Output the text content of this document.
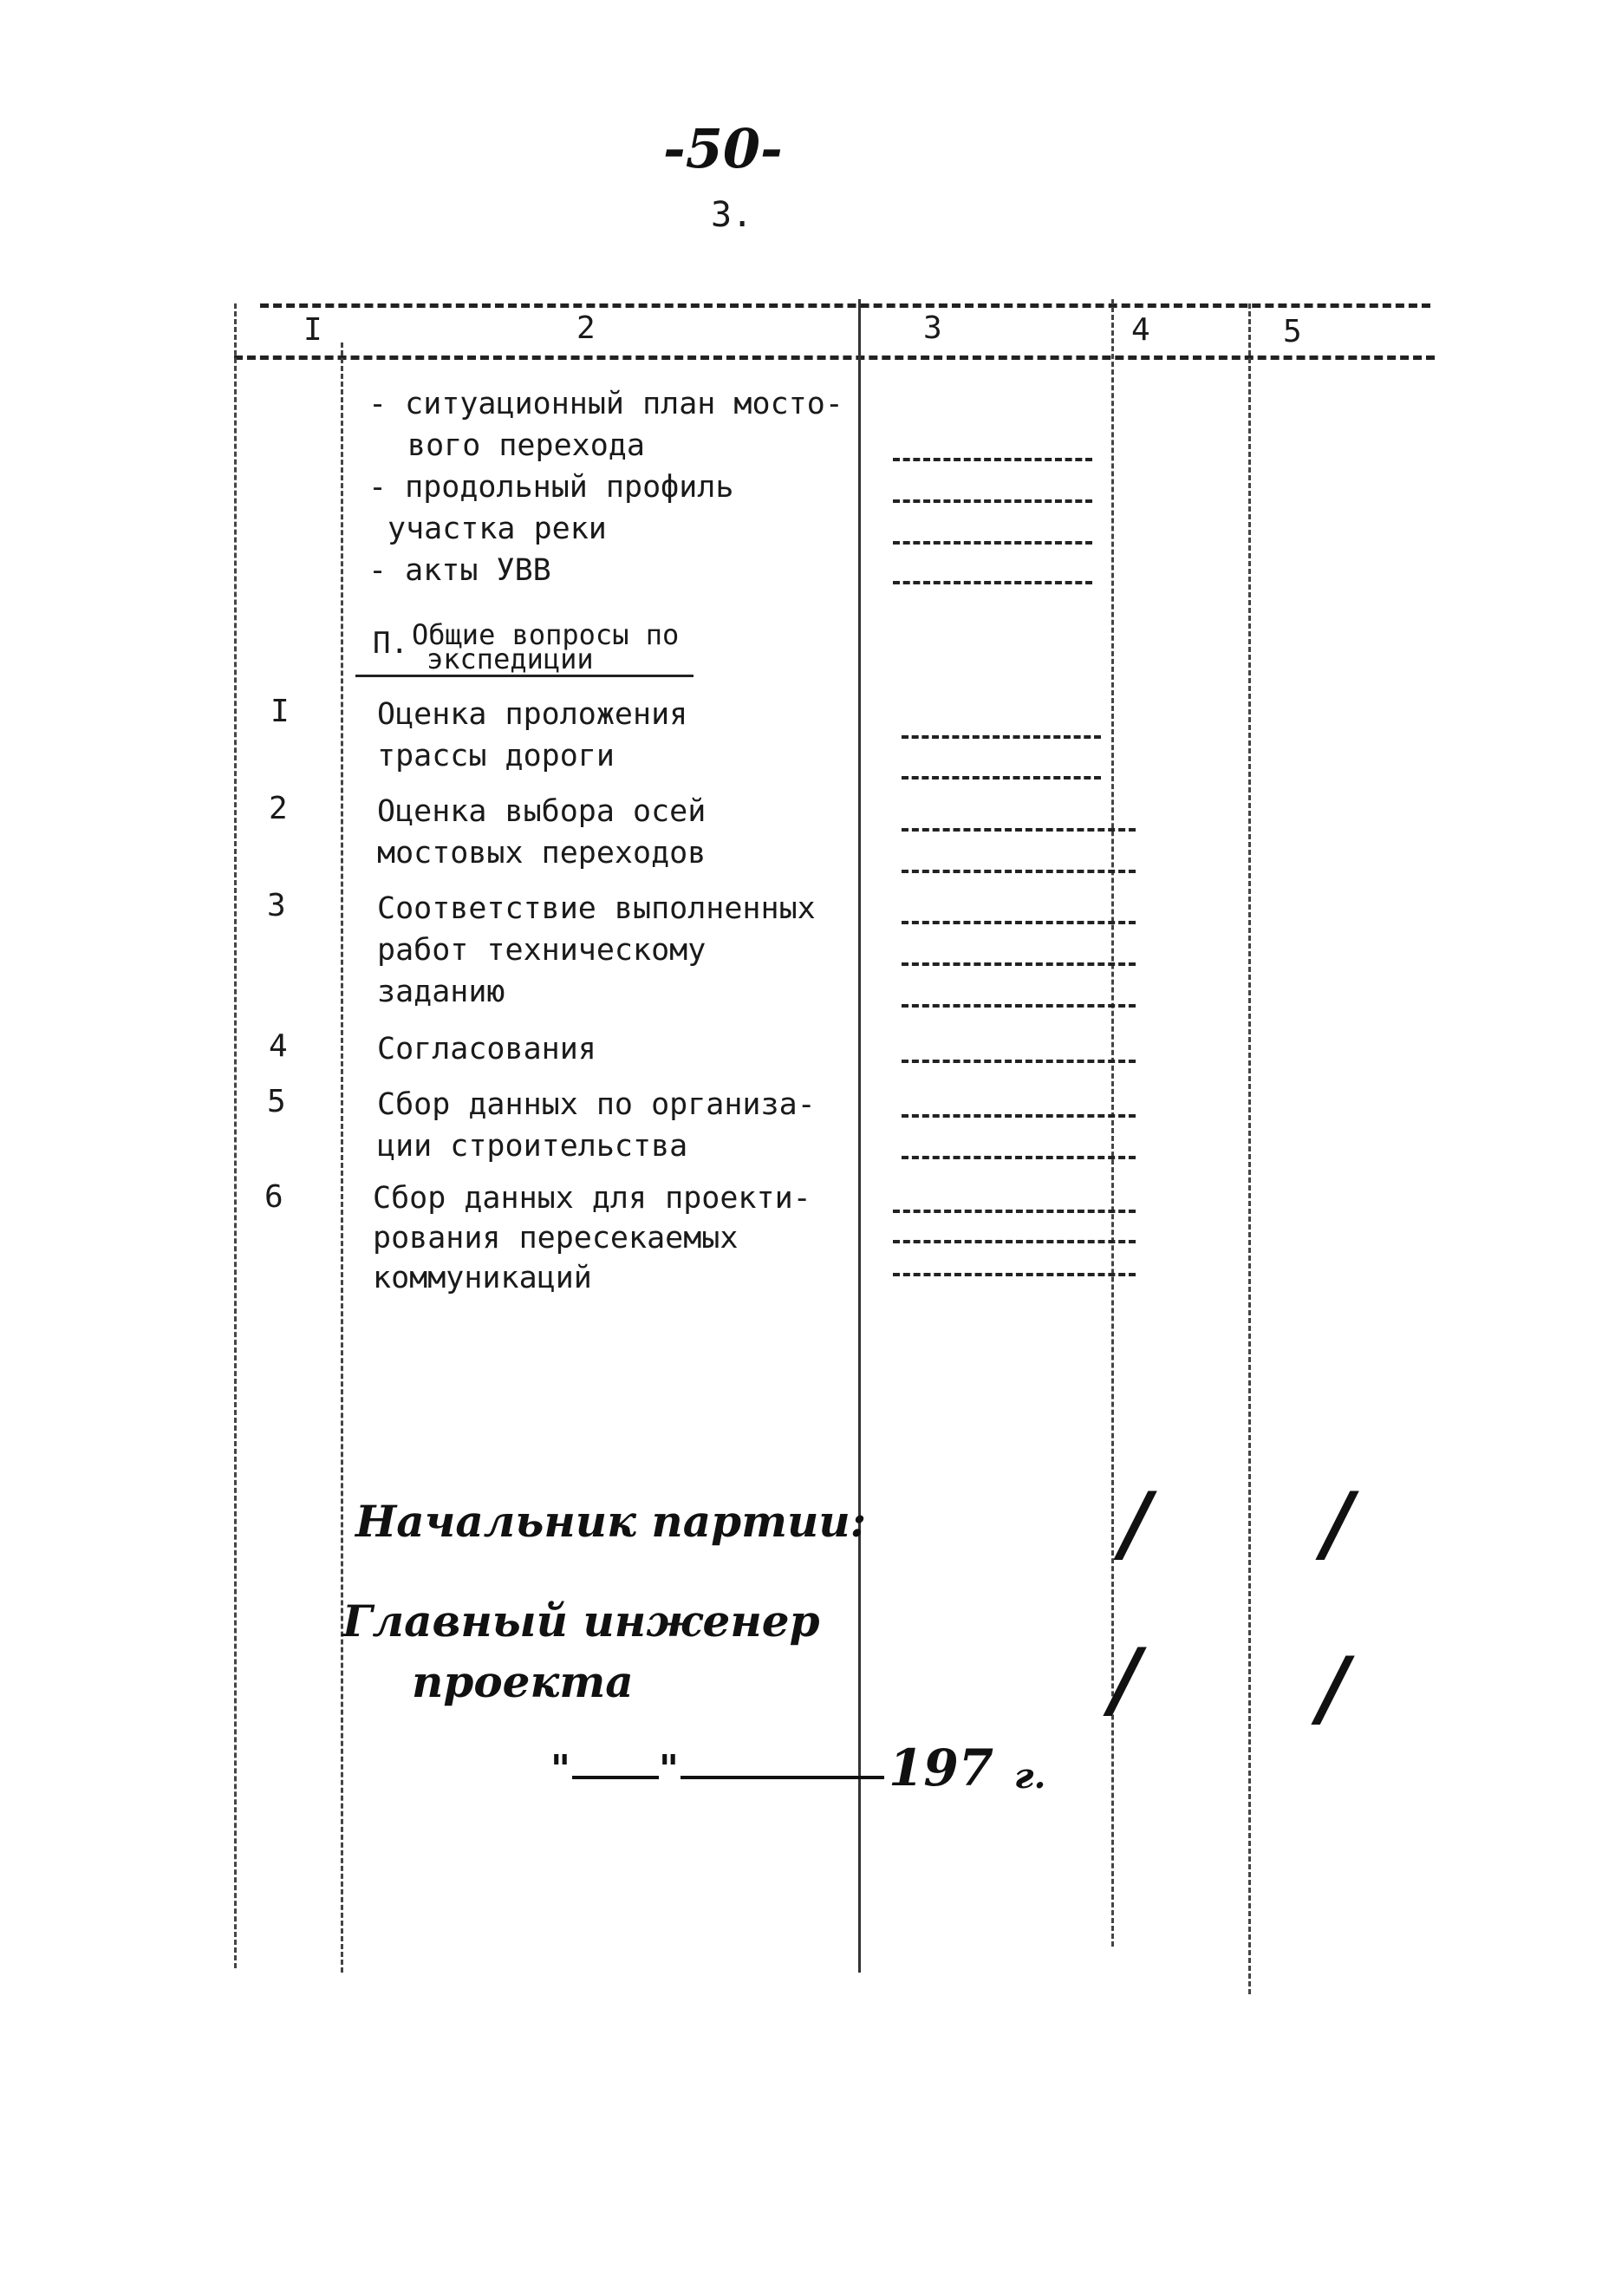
-50-
3.
I	2	3	4	5
- ситуационный план мосто-
вого перехода
- продольный профиль
участка реки
- акты УВВ
П. Общие вопросы по
экспедиции
I	Оценка проложения
трассы дороги
2	Оценка выбора осей
мостовых переходов
3	Соответствие выполненных
работ техническому
заданию
4	Согласования
5	Сбор данных по организа-
ции строительства
6	Сбор данных для проекти-
рования пересекаемых
коммуникаций
Начальник партии:	/ /
Главный инженер
проекта	/ /
" "	197 г.
